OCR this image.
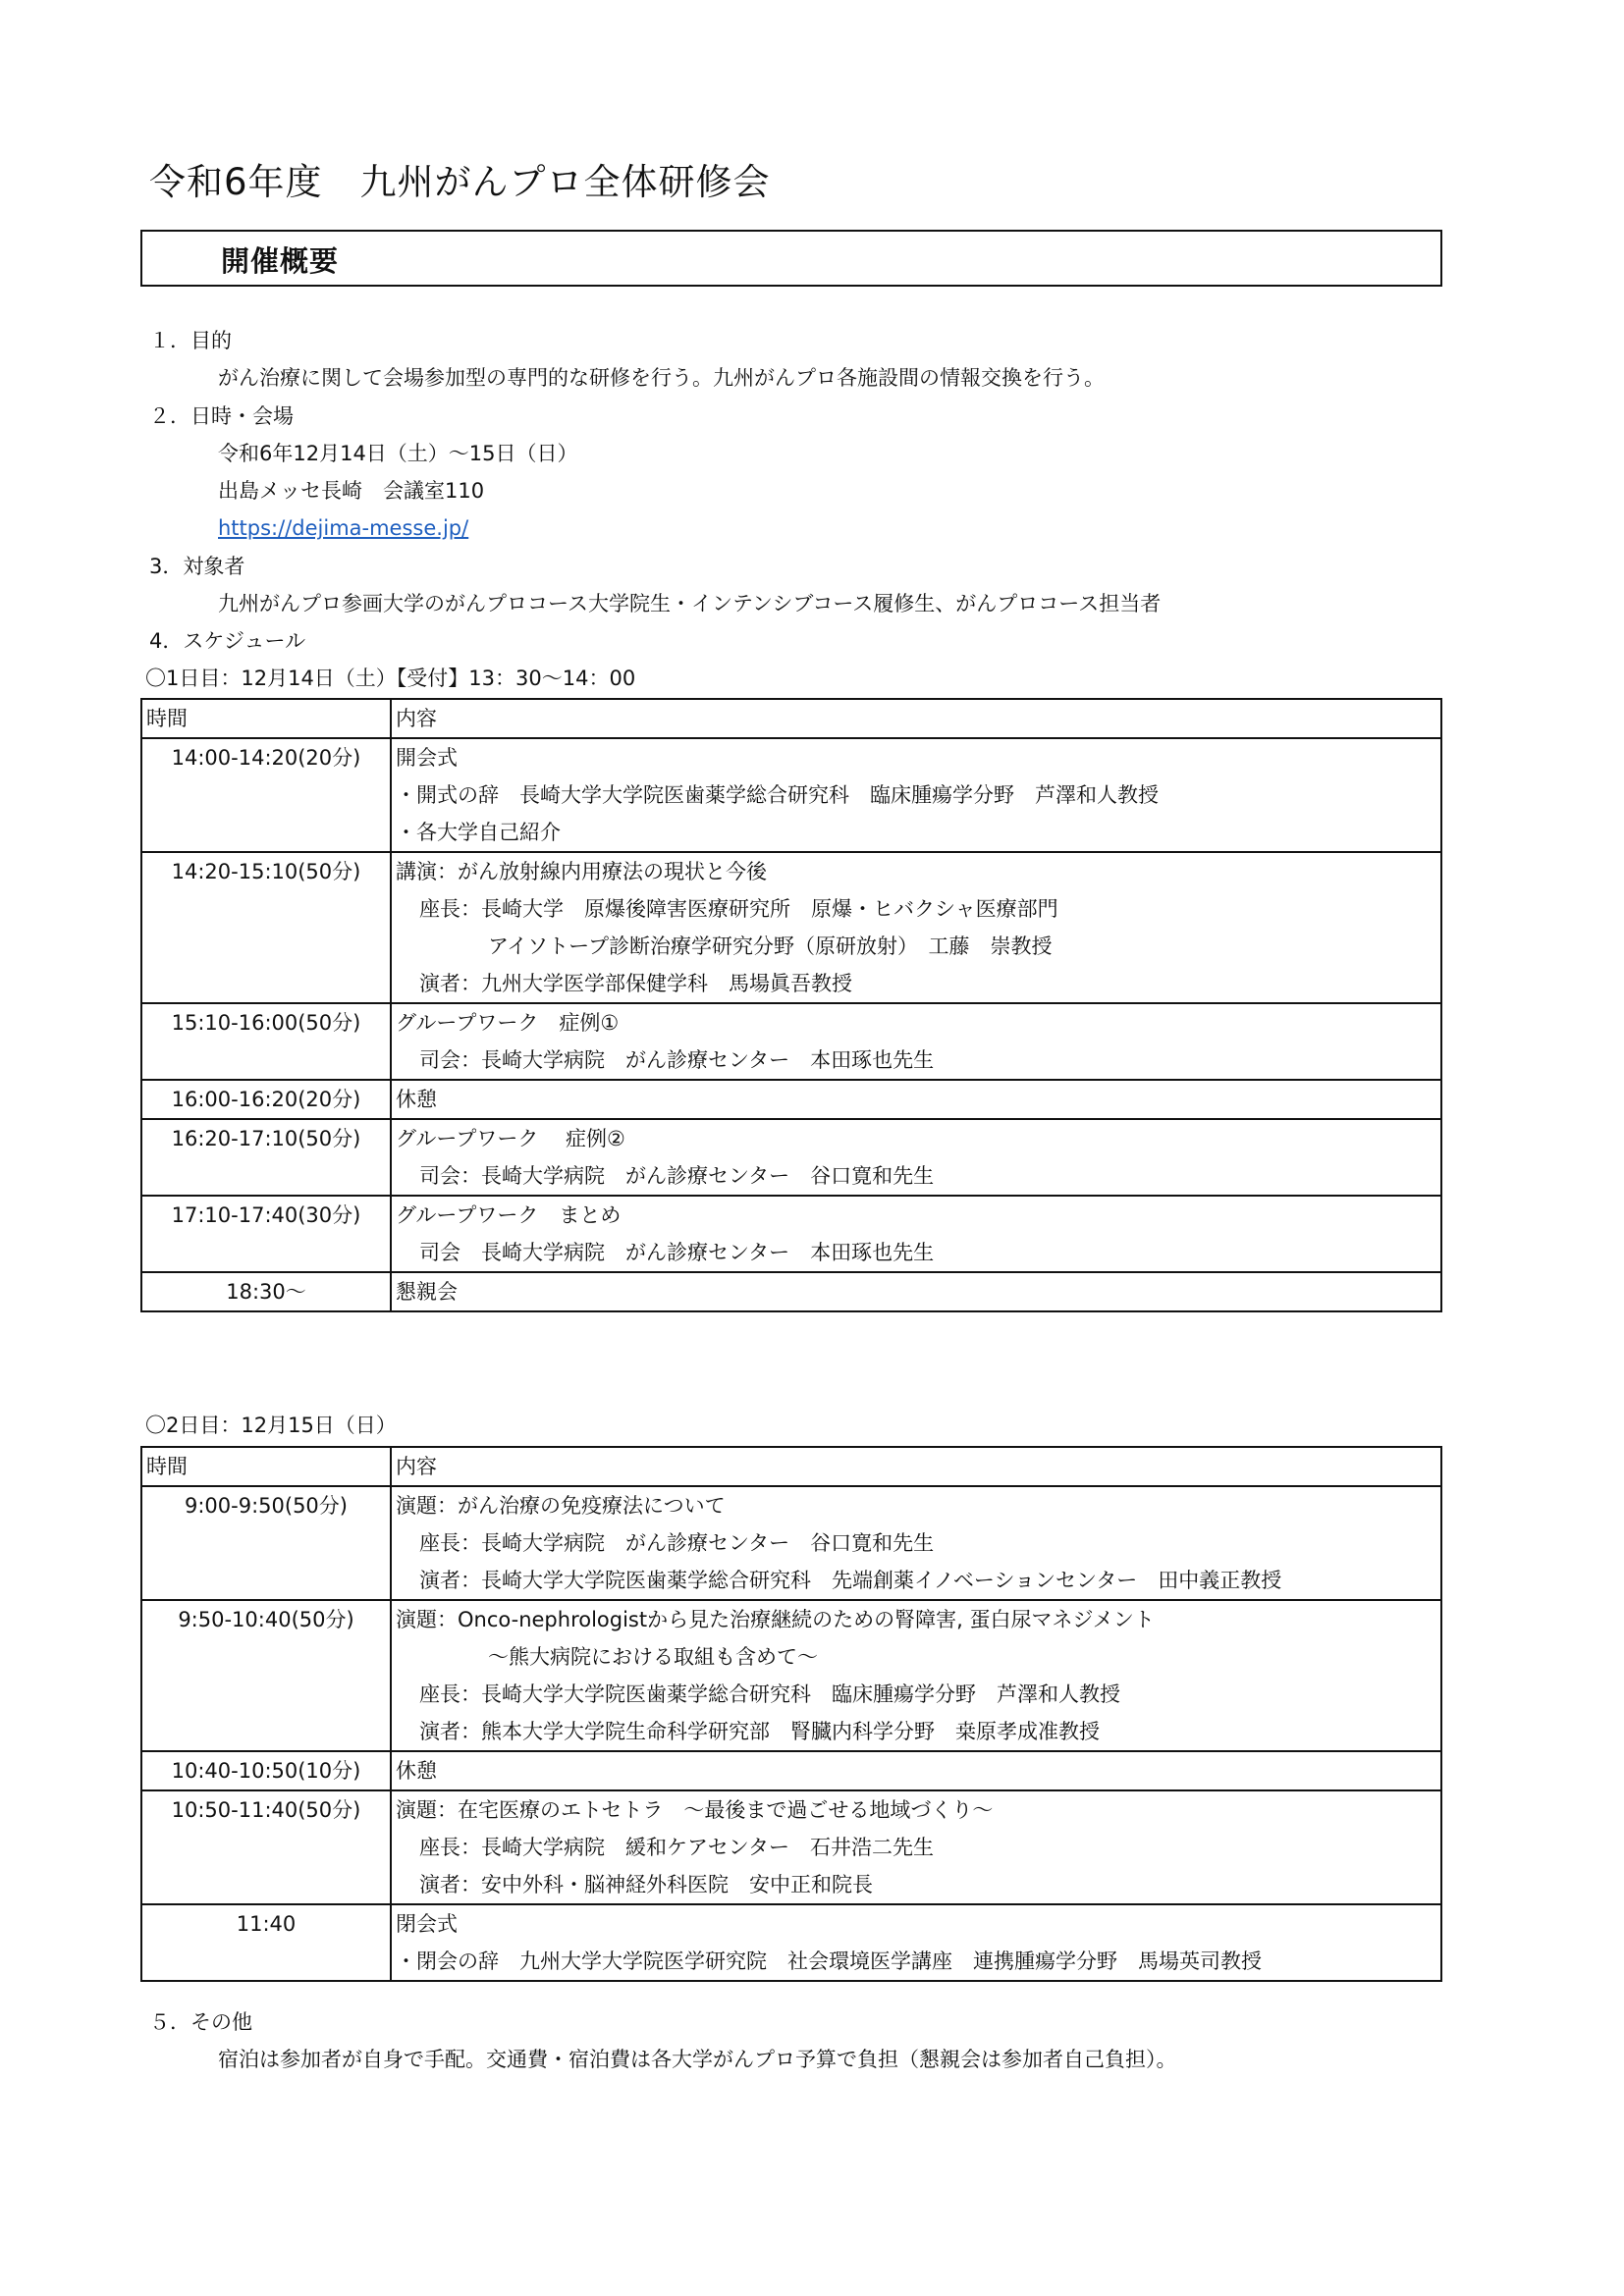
令和6年度　九州がんプロ全体研修会
開催概要
１．目的
がん治療に関して会場参加型の専門的な研修を行う。九州がんプロ各施設間の情報交換を行う。
２．日時・会場
令和6年12月14日（土）～15日（日）
出島メッセ長崎　会議室110
https://dejima-messe.jp/
3．対象者
九州がんプロ参画大学のがんプロコース大学院生・インテンシブコース履修生、がんプロコース担当者
4．スケジュール
〇1日目：12月14日（土）【受付】13：30～14：00
時間	内容
14:00-14:20(20分)	開会式
・開式の辞　長崎大学大学院医歯薬学総合研究科　臨床腫瘍学分野　芦澤和人教授
・各大学自己紹介

14:20-15:10(50分)	講演：がん放射線内用療法の現状と今後
座長：長崎大学　原爆後障害医療研究所　原爆・ヒバクシャ医療部門
アイソトープ診断治療学研究分野（原研放射）　工藤　崇教授
演者：九州大学医学部保健学科　馬場眞吾教授

15:10-16:00(50分)	グループワーク　症例①
司会：長崎大学病院　がん診療センター　本田琢也先生

16:00-16:20(20分)	休憩

16:20-17:10(50分)	グループワーク　 症例②
司会：長崎大学病院　がん診療センター　谷口寛和先生

17:10-17:40(30分)	グループワーク　まとめ
司会　長崎大学病院　がん診療センター　本田琢也先生

18:30～	懇親会
〇2日目：12月15日（日）
時間	内容
9:00-9:50(50分)	演題：がん治療の免疫療法について
座長：長崎大学病院　がん診療センター　谷口寛和先生
演者：長崎大学大学院医歯薬学総合研究科　先端創薬イノベーションセンター　田中義正教授

9:50-10:40(50分)	演題：Onco-nephrologistから見た治療継続のための腎障害, 蛋白尿マネジメント
～熊大病院における取組も含めて～
座長：長崎大学大学院医歯薬学総合研究科　臨床腫瘍学分野　芦澤和人教授
演者：熊本大学大学院生命科学研究部　腎臓内科学分野　桒原孝成准教授

10:40-10:50(10分)	休憩

10:50-11:40(50分)	演題：在宅医療のエトセトラ　～最後まで過ごせる地域づくり～
座長：長崎大学病院　緩和ケアセンター　石井浩二先生
演者：安中外科・脳神経外科医院　安中正和院長

11:40	閉会式
・閉会の辞　九州大学大学院医学研究院　社会環境医学講座　連携腫瘍学分野　馬場英司教授
５．その他
宿泊は参加者が自身で手配。交通費・宿泊費は各大学がんプロ予算で負担（懇親会は参加者自己負担）。
